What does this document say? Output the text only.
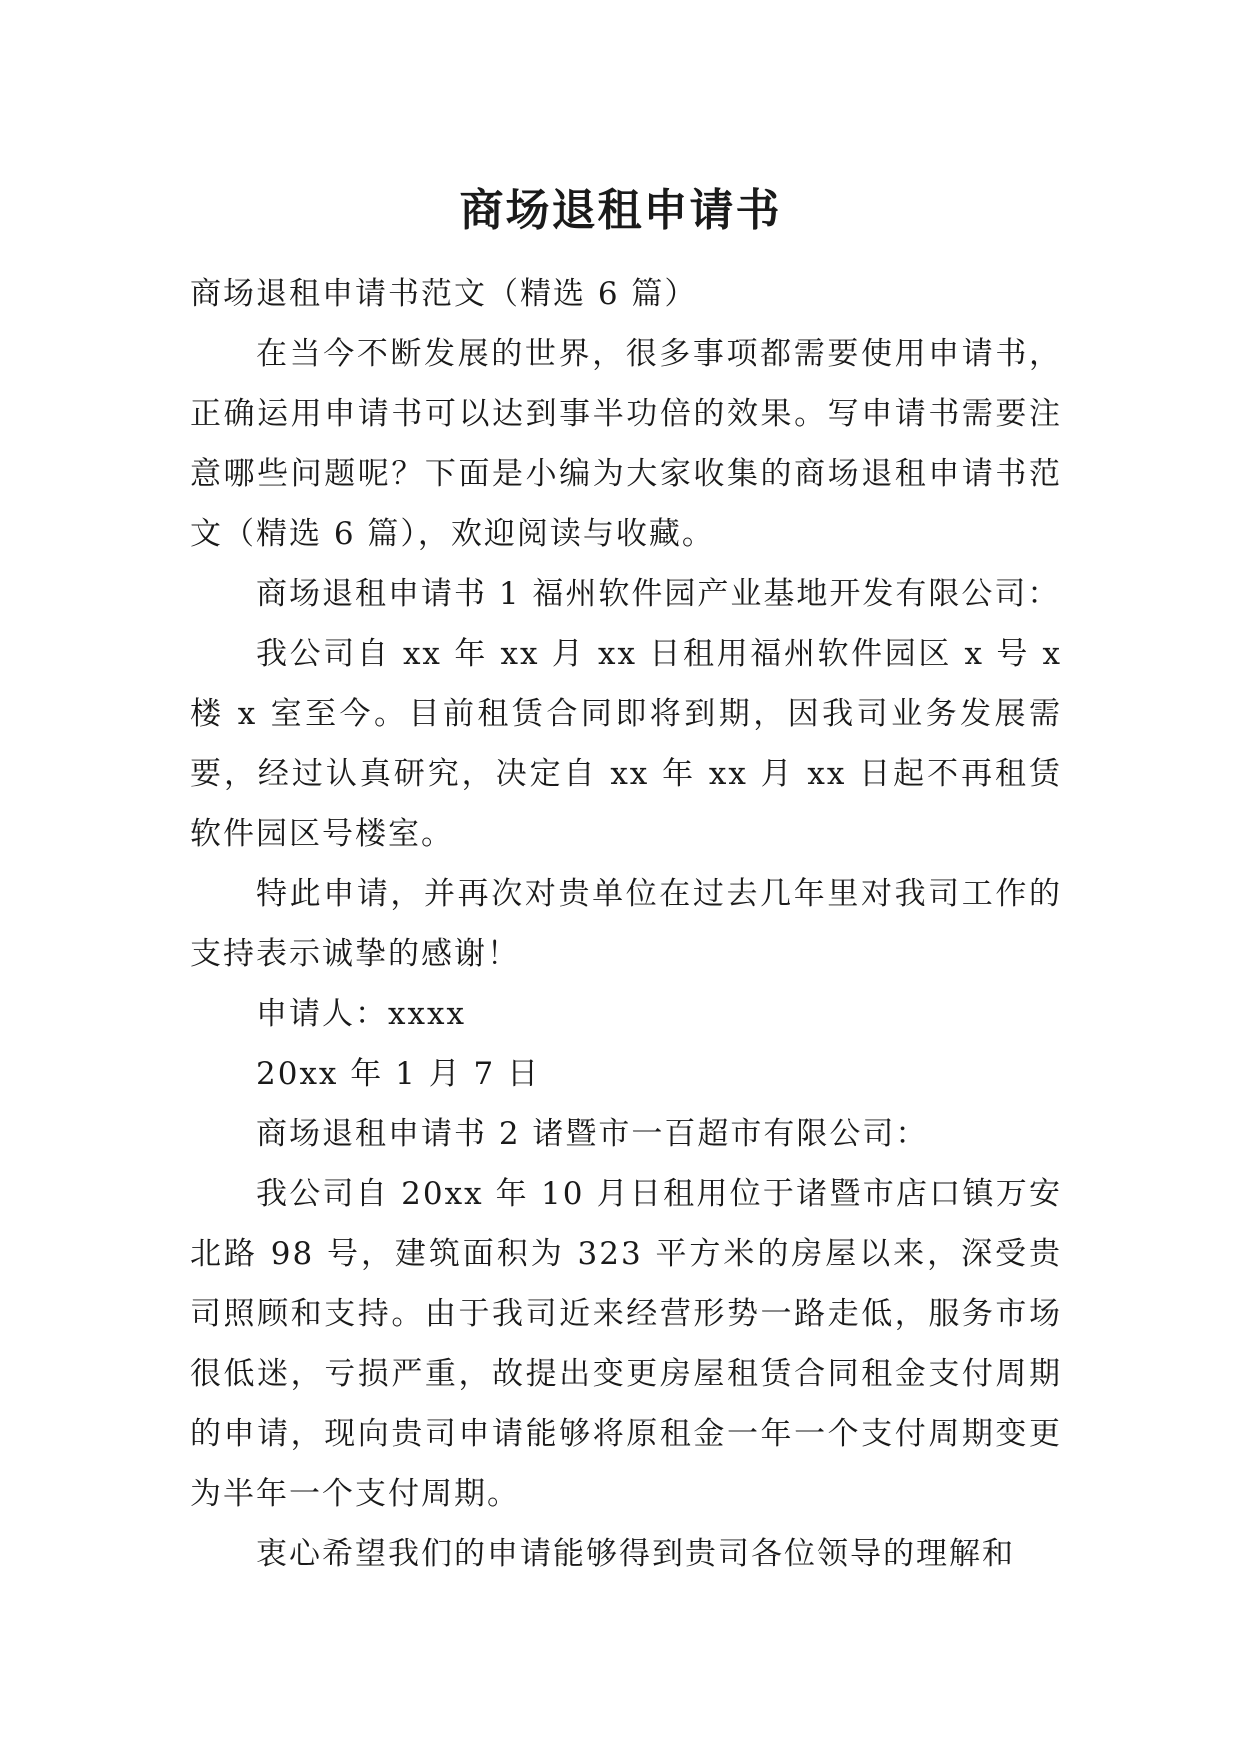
商场退租申请书

商场退租申请书范文（精选 6 篇）

在当今不断发展的世界，很多事项都需要使用申请书，正确运用申请书可以达到事半功倍的效果。写申请书需要注意哪些问题呢？下面是小编为大家收集的商场退租申请书范文（精选 6 篇），欢迎阅读与收藏。

商场退租申请书 1 福州软件园产业基地开发有限公司：

我公司自 xx 年 xx 月 xx 日租用福州软件园区 x 号 x 楼 x 室至今。目前租赁合同即将到期，因我司业务发展需要，经过认真研究，决定自 xx 年 xx 月 xx 日起不再租赁软件园区号楼室。

特此申请，并再次对贵单位在过去几年里对我司工作的支持表示诚挚的感谢！

申请人：xxxx

20xx 年 1 月 7 日

商场退租申请书 2 诸暨市一百超市有限公司：

我公司自 20xx 年 10 月日租用位于诸暨市店口镇万安北路 98 号，建筑面积为 323 平方米的房屋以来，深受贵司照顾和支持。由于我司近来经营形势一路走低，服务市场很低迷，亏损严重，故提出变更房屋租赁合同租金支付周期的申请，现向贵司申请能够将原租金一年一个支付周期变更为半年一个支付周期。

衷心希望我们的申请能够得到贵司各位领导的理解和
